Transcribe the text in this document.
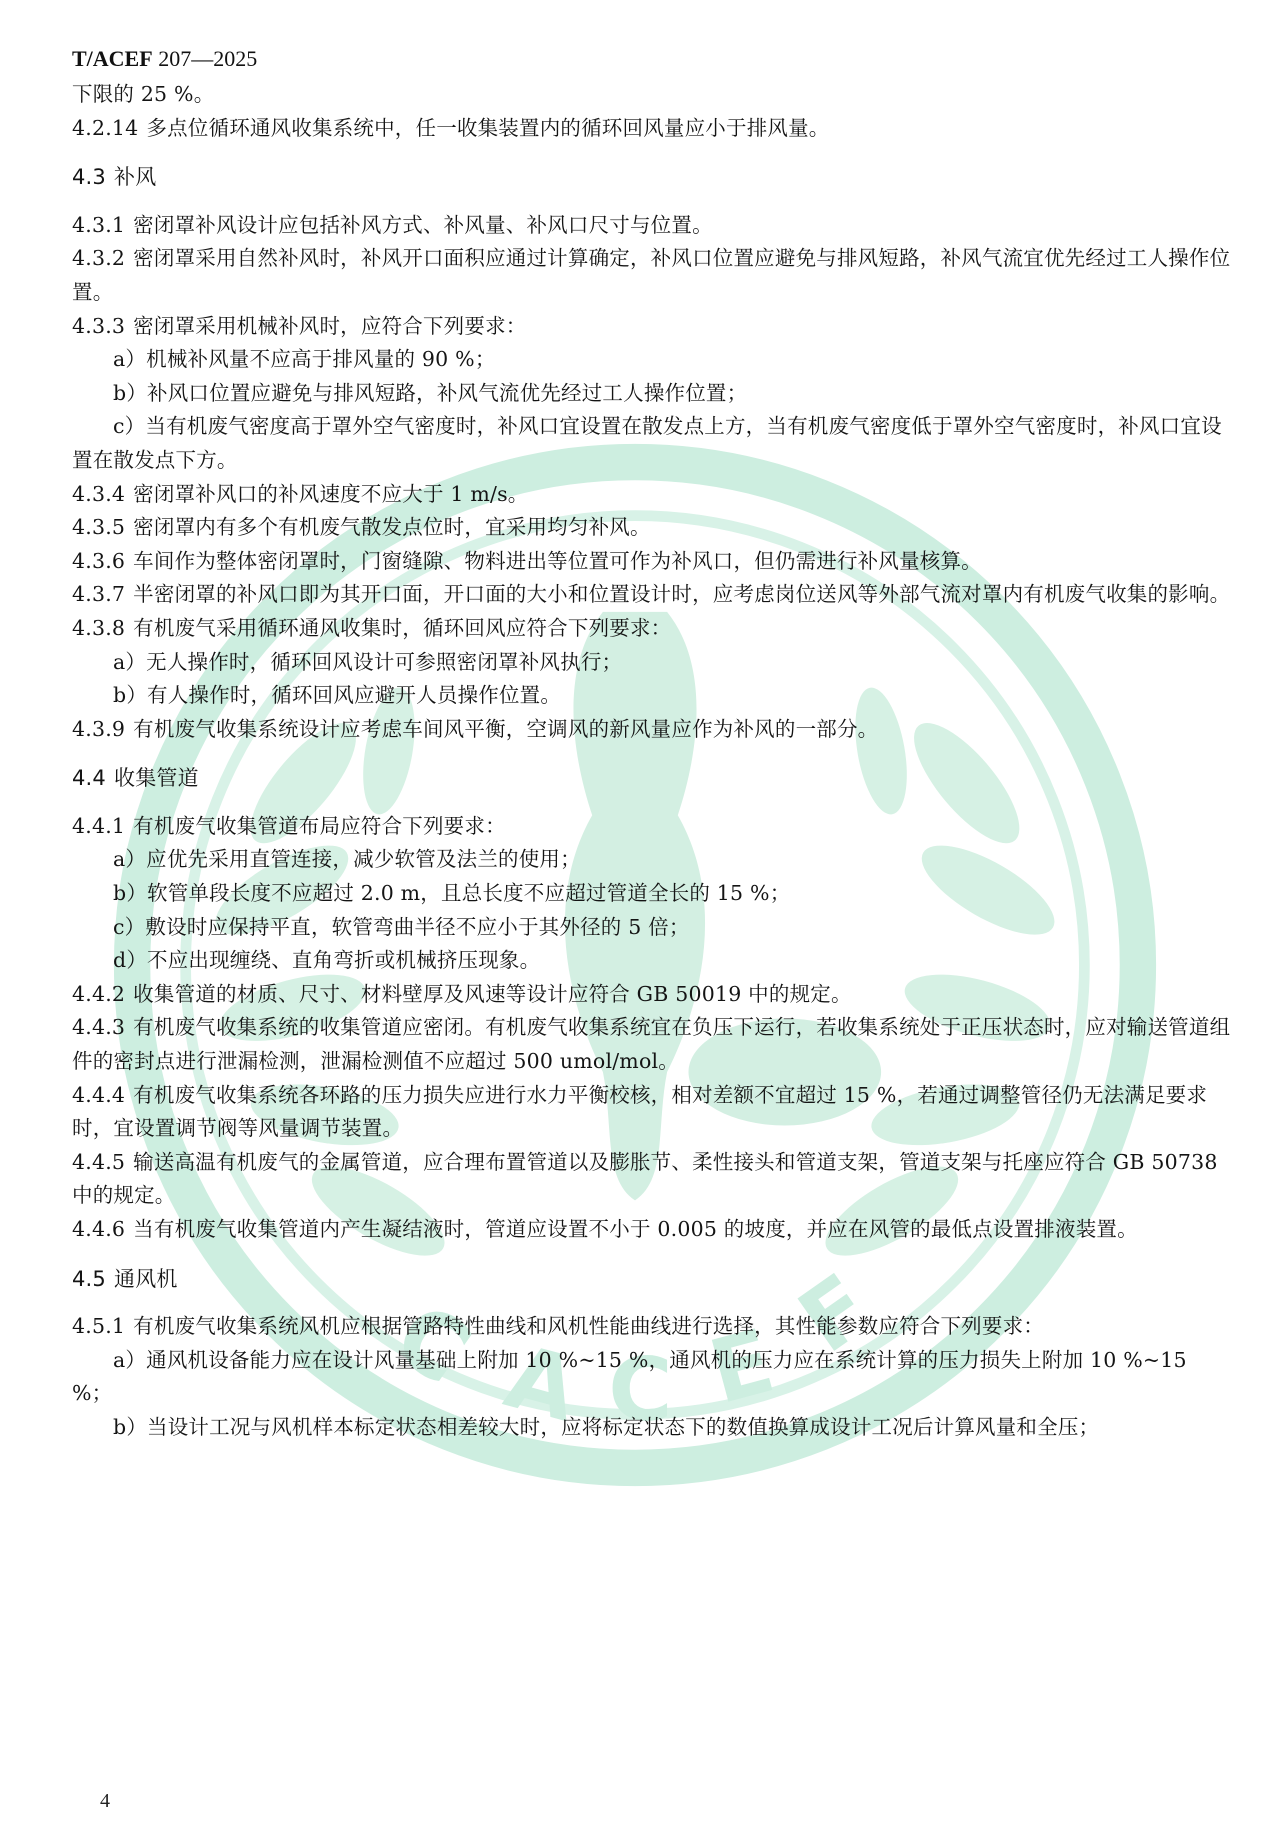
C A C E
F
T/ACEF 207—2025

下限的 25 %。

4.2.14 多点位循环通风收集系统中，任一收集装置内的循环回风量应小于排风量。

4.3 补风

4.3.1 密闭罩补风设计应包括补风方式、补风量、补风口尺寸与位置。

4.3.2 密闭罩采用自然补风时，补风开口面积应通过计算确定，补风口位置应避免与排风短路，补风气流宜优先经过工人操作位置。

4.3.3 密闭罩采用机械补风时，应符合下列要求：

a）机械补风量不应高于排风量的 90 %；

b）补风口位置应避免与排风短路，补风气流优先经过工人操作位置；

c）当有机废气密度高于罩外空气密度时，补风口宜设置在散发点上方，当有机废气密度低于罩外空气密度时，补风口宜设置在散发点下方。

4.3.4 密闭罩补风口的补风速度不应大于 1 m/s。

4.3.5 密闭罩内有多个有机废气散发点位时，宜采用均匀补风。

4.3.6 车间作为整体密闭罩时，门窗缝隙、物料进出等位置可作为补风口，但仍需进行补风量核算。

4.3.7 半密闭罩的补风口即为其开口面，开口面的大小和位置设计时，应考虑岗位送风等外部气流对罩内有机废气收集的影响。

4.3.8 有机废气采用循环通风收集时，循环回风应符合下列要求：

a）无人操作时，循环回风设计可参照密闭罩补风执行；

b）有人操作时，循环回风应避开人员操作位置。

4.3.9 有机废气收集系统设计应考虑车间风平衡，空调风的新风量应作为补风的一部分。

4.4 收集管道

4.4.1 有机废气收集管道布局应符合下列要求：

a）应优先采用直管连接，减少软管及法兰的使用；

b）软管单段长度不应超过 2.0 m，且总长度不应超过管道全长的 15 %；

c）敷设时应保持平直，软管弯曲半径不应小于其外径的 5 倍；

d）不应出现缠绕、直角弯折或机械挤压现象。

4.4.2 收集管道的材质、尺寸、材料壁厚及风速等设计应符合 GB 50019 中的规定。

4.4.3 有机废气收集系统的收集管道应密闭。有机废气收集系统宜在负压下运行，若收集系统处于正压状态时，应对输送管道组件的密封点进行泄漏检测，泄漏检测值不应超过 500 umol/mol。

4.4.4 有机废气收集系统各环路的压力损失应进行水力平衡校核，相对差额不宜超过 15 %，若通过调整管径仍无法满足要求时，宜设置调节阀等风量调节装置。

4.4.5 输送高温有机废气的金属管道，应合理布置管道以及膨胀节、柔性接头和管道支架，管道支架与托座应符合 GB 50738 中的规定。

4.4.6 当有机废气收集管道内产生凝结液时，管道应设置不小于 0.005 的坡度，并应在风管的最低点设置排液装置。

4.5 通风机

4.5.1 有机废气收集系统风机应根据管路特性曲线和风机性能曲线进行选择，其性能参数应符合下列要求：

a）通风机设备能力应在设计风量基础上附加 10 %~15 %，通风机的压力应在系统计算的压力损失上附加 10 %~15 %；

b）当设计工况与风机样本标定状态相差较大时，应将标定状态下的数值换算成设计工况后计算风量和全压；

4
